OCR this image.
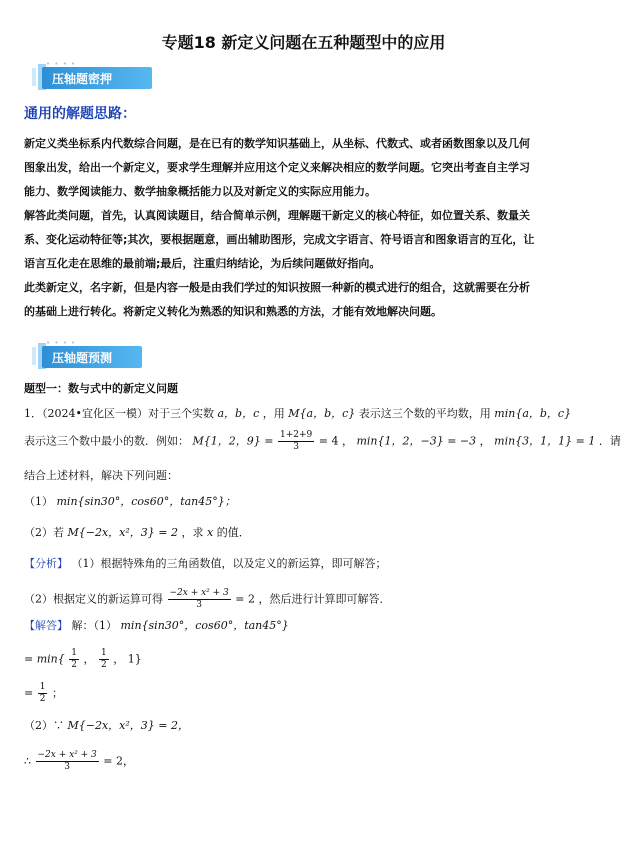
专题18 新定义问题在五种题型中的应用
• • • •
压轴题密押
通用的解题思路：
新定义类坐标系内代数综合问题，是在已有的数学知识基础上，从坐标、代数式、或者函数图象以及几何
图象出发，给出一个新定义，要求学生理解并应用这个定义来解决相应的数学问题。它突出考查自主学习
能力、数学阅读能力、数学抽象概括能力以及对新定义的实际应用能力。
解答此类问题，首先，认真阅读题目，结合简单示例，理解题干新定义的核心特征，如位置关系、数量关
系、变化运动特征等;其次，要根据题意，画出辅助图形，完成文字语言、符号语言和图象语言的互化，让
语言互化走在思维的最前端;最后，注重归纳结论，为后续问题做好指向。
此类新定义，名字新，但是内容一般是由我们学过的知识按照一种新的模式进行的组合，这就需要在分析
的基础上进行转化。将新定义转化为熟悉的知识和熟悉的方法，才能有效地解决问题。
• • • •
压轴题预测
题型一：数与式中的新定义问题
1．（2024•宜化区一模）对于三个实数 a，b，c ，用 M{a，b，c} 表示这三个数的平均数，用 min{a，b，c}
表示这三个数中最小的数．例如： M{1，2，$9\} = \frac{1+2+9}{3} = 4$ ， min{1，2，−3} = −3 ， min{3，1，1} = 1 ．请
结合上述材料，解决下列问题：
（1） min{sin30°，cos60°，tan45°}；
（2）若 M{−2x，x²，3} = 2 ，求 x 的值．
【分析】 （1）根据特殊角的三角函数值，以及定义的新运算，即可解答；
（2）根据定义的新运算可得 $\frac{\text{−2x + x² + 3}}{3} = 2$ ，然后进行计算即可解答．
【解答】 解：（1） min{sin30°，cos60°，tan45°}
= $\min\{ \frac{1}{2}$ ， $\frac{1}{2}$ ， 1}
= $\frac{1}{2}$ ；
（2）∵ M{−2x，x²，3} = 2，
∴ $\frac{\text{−2x + x² + 3}}{3} = 2$，
